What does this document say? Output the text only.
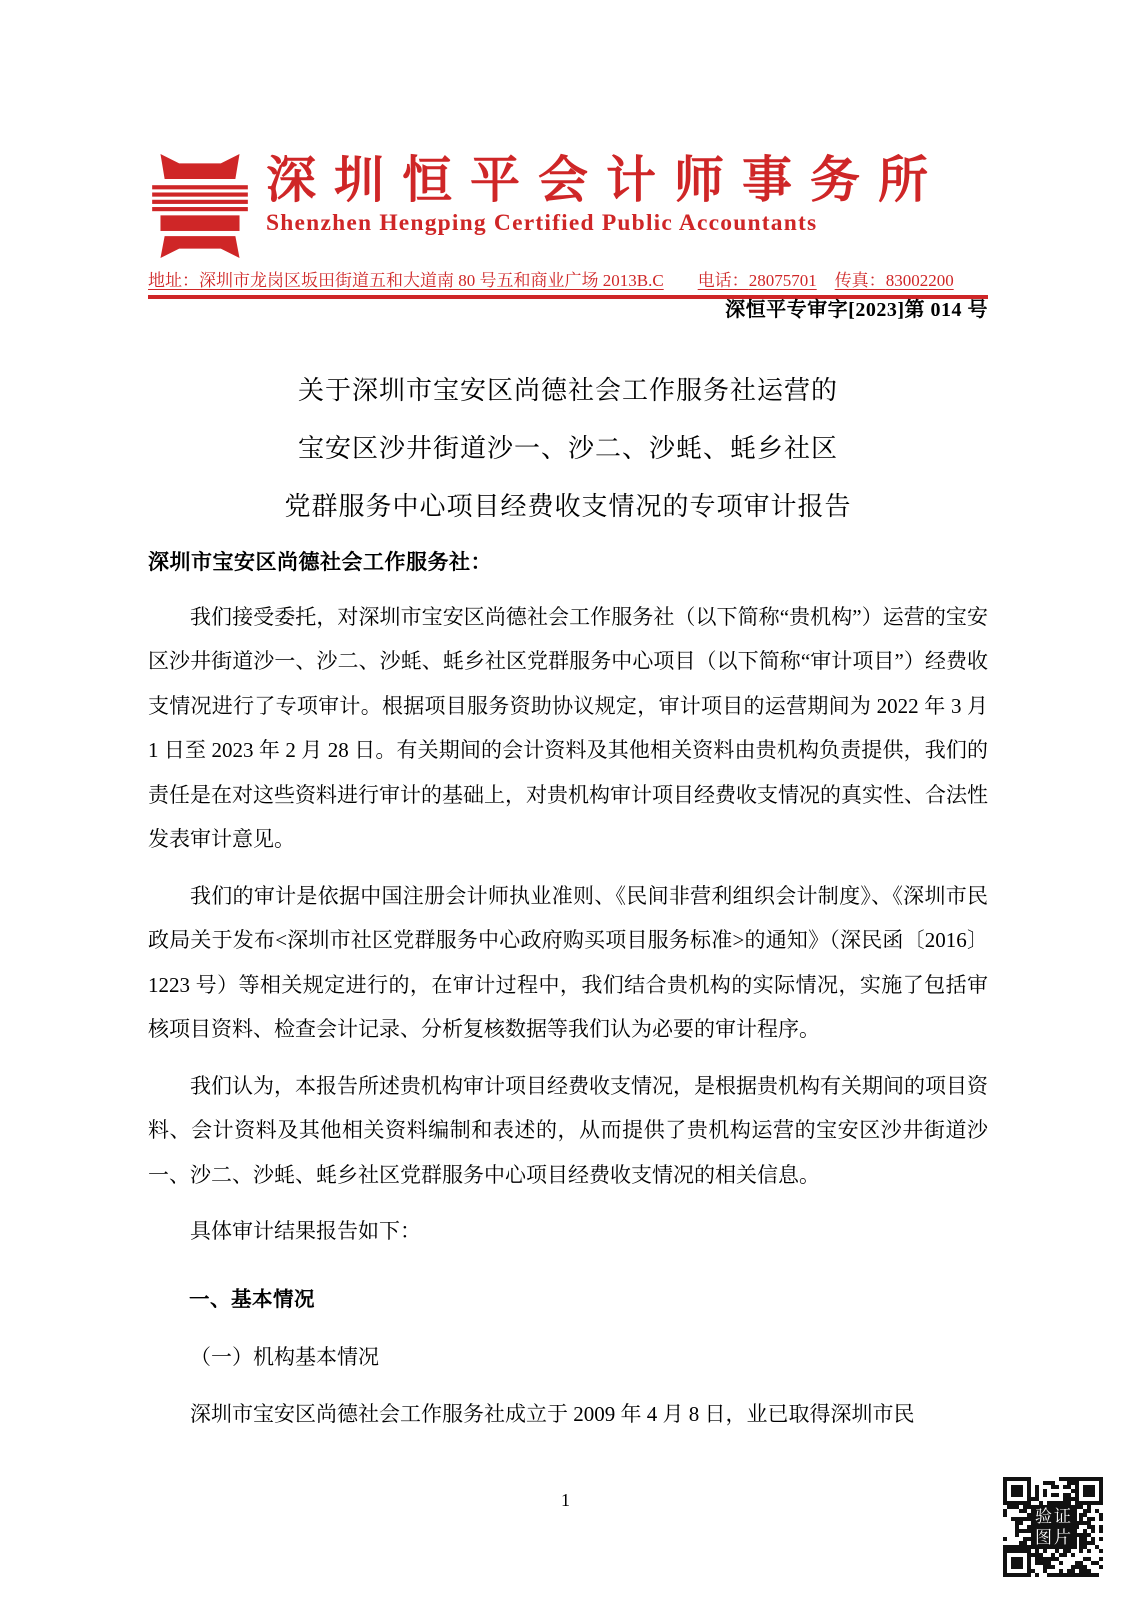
深圳恒平会计师事务所
Shenzhen Hengping Certified Public Accountants
地址：深圳市龙岗区坂田街道五和大道南 80 号五和商业广场 2013B.C 电话：28075701 传真：83002200
深恒平专审字[2023]第 014 号
关于深圳市宝安区尚德社会工作服务社运营的
宝安区沙井街道沙一、沙二、沙蚝、蚝乡社区
党群服务中心项目经费收支情况的专项审计报告
深圳市宝安区尚德社会工作服务社：

我们接受委托，对深圳市宝安区尚德社会工作服务社（以下简称“贵机构”）运营的宝安区沙井街道沙一、沙二、沙蚝、蚝乡社区党群服务中心项目（以下简称“审计项目”）经费收支情况进行了专项审计。根据项目服务资助协议规定，审计项目的运营期间为 2022 年 3 月 1 日至 2023 年 2 月 28 日。有关期间的会计资料及其他相关资料由贵机构负责提供，我们的责任是在对这些资料进行审计的基础上，对贵机构审计项目经费收支情况的真实性、合法性发表审计意见。

我们的审计是依据中国注册会计师执业准则、《民间非营利组织会计制度》、《深圳市民政局关于发布<深圳市社区党群服务中心政府购买项目服务标准>的通知》（深民函〔2016〕1223 号）等相关规定进行的，在审计过程中，我们结合贵机构的实际情况，实施了包括审核项目资料、检查会计记录、分析复核数据等我们认为必要的审计程序。

我们认为，本报告所述贵机构审计项目经费收支情况，是根据贵机构有关期间的项目资料、会计资料及其他相关资料编制和表述的，从而提供了贵机构运营的宝安区沙井街道沙一、沙二、沙蚝、蚝乡社区党群服务中心项目经费收支情况的相关信息。

具体审计结果报告如下：

一、基本情况
（一）机构基本情况

深圳市宝安区尚德社会工作服务社成立于 2009 年 4 月 8 日，业已取得深圳市民

1
验证图片
